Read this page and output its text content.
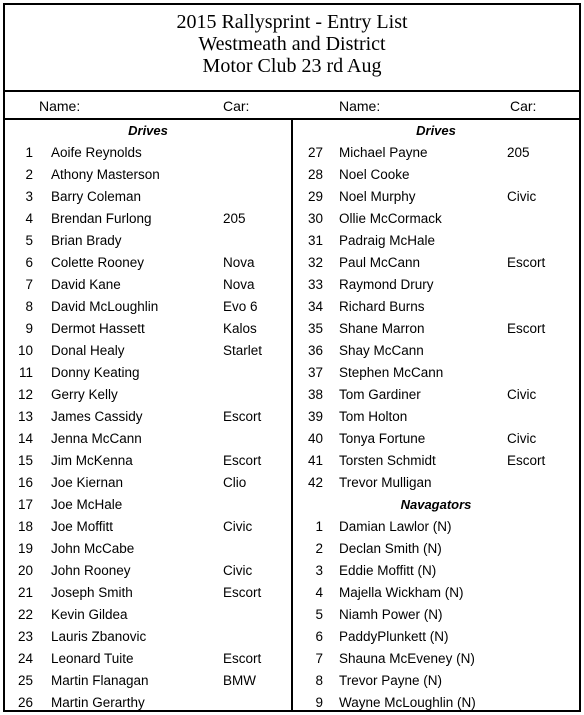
2015 Rallysprint - Entry List
Westmeath and District
Motor Club 23 rd Aug
Name:	Car:	Name:	Car:
Drives
1 Aoife Reynolds
2 Athony Masterson
3 Barry Coleman
4 Brendan Furlong	205
5 Brian Brady
6 Colette Rooney	Nova
7 David Kane	Nova
8 David McLoughlin	Evo 6
9 Dermot Hassett	Kalos
10 Donal Healy	Starlet
11 Donny Keating
12 Gerry Kelly
13 James Cassidy	Escort
14 Jenna McCann
15 Jim McKenna	Escort
16 Joe Kiernan	Clio
17 Joe McHale
18 Joe Moffitt	Civic
19 John McCabe
20 John Rooney	Civic
21 Joseph Smith	Escort
22 Kevin Gildea
23 Lauris Zbanovic
24 Leonard Tuite	Escort
25 Martin Flanagan	BMW
26 Martin Gerarthy
Drives
27 Michael Payne	205
28 Noel Cooke
29 Noel Murphy	Civic
30 Ollie McCormack
31 Padraig McHale
32 Paul McCann	Escort
33 Raymond Drury
34 Richard Burns
35 Shane Marron	Escort
36 Shay McCann
37 Stephen McCann
38 Tom Gardiner	Civic
39 Tom Holton
40 Tonya Fortune	Civic
41 Torsten Schmidt	Escort
42 Trevor Mulligan
Navagators
1 Damian Lawlor (N)
2 Declan Smith (N)
3 Eddie Moffitt (N)
4 Majella Wickham (N)
5 Niamh Power (N)
6 PaddyPlunkett (N)
7 Shauna McEveney (N)
8 Trevor Payne (N)
9 Wayne McLoughlin (N)
